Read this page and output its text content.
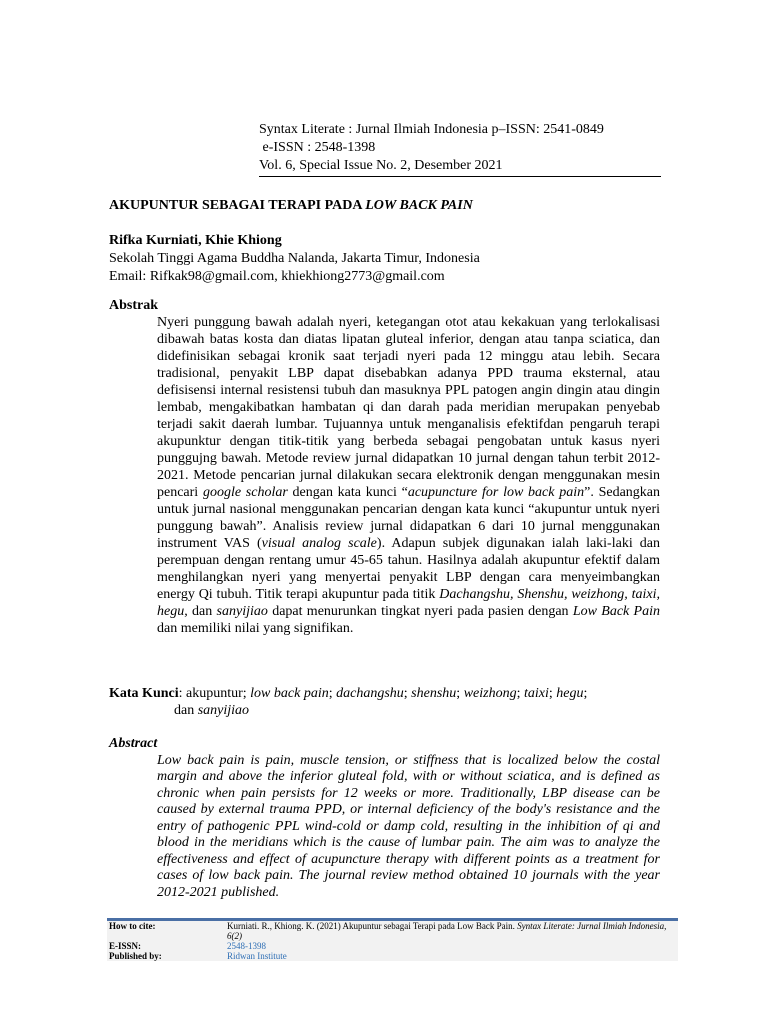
Syntax Literate : Jurnal Ilmiah Indonesia p–ISSN: 2541-0849
e-ISSN : 2548-1398
Vol. 6, Special Issue No. 2, Desember 2021
AKUPUNTUR SEBAGAI TERAPI PADA LOW BACK PAIN
Rifka Kurniati, Khie Khiong
Sekolah Tinggi Agama Buddha Nalanda, Jakarta Timur, Indonesia
Email: Rifkak98@gmail.com, khiekhiong2773@gmail.com

Abstrak

Nyeri punggung bawah adalah nyeri, ketegangan otot atau kekakuan yang terlokalisasi dibawah batas kosta dan diatas lipatan gluteal inferior, dengan atau tanpa sciatica, dan didefinisikan sebagai kronik saat terjadi nyeri pada 12 minggu atau lebih. Secara tradisional, penyakit LBP dapat disebabkan adanya PPD trauma eksternal, atau defisisensi internal resistensi tubuh dan masuknya PPL patogen angin dingin atau dingin lembab, mengakibatkan hambatan qi dan darah pada meridian merupakan penyebab terjadi sakit daerah lumbar. Tujuannya untuk menganalisis efektifdan pengaruh terapi akupunktur dengan titik-titik yang berbeda sebagai pengobatan untuk kasus nyeri punggujng bawah. Metode review jurnal didapatkan 10 jurnal dengan tahun terbit 2012-2021. Metode pencarian jurnal dilakukan secara elektronik dengan menggunakan mesin pencari google scholar dengan kata kunci “acupuncture for low back pain”. Sedangkan untuk jurnal nasional menggunakan pencarian dengan kata kunci “akupuntur untuk nyeri punggung bawah”. Analisis review jurnal didapatkan 6 dari 10 jurnal menggunakan instrument VAS (visual analog scale). Adapun subjek digunakan ialah laki-laki dan perempuan dengan rentang umur 45-65 tahun. Hasilnya adalah akupuntur efektif dalam menghilangkan nyeri yang menyertai penyakit LBP dengan cara menyeimbangkan energy Qi tubuh. Titik terapi akupuntur pada titik Dachangshu, Shenshu, weizhong, taixi, hegu, dan sanyijiao dapat menurunkan tingkat nyeri pada pasien dengan Low Back Pain dan memiliki nilai yang signifikan.

Kata Kunci: akupuntur; low back pain; dachangshu; shenshu; weizhong; taixi; hegu;
dan sanyijiao

Abstract

Low back pain is pain, muscle tension, or stiffness that is localized below the costal margin and above the inferior gluteal fold, with or without sciatica, and is defined as chronic when pain persists for 12 weeks or more. Traditionally, LBP disease can be caused by external trauma PPD, or internal deficiency of the body's resistance and the entry of pathogenic PPL wind-cold or damp cold, resulting in the inhibition of qi and blood in the meridians which is the cause of lumbar pain. The aim was to analyze the effectiveness and effect of acupuncture therapy with different points as a treatment for cases of low back pain. The journal review method obtained 10 journals with the year 2012-2021 published.

How to cite:	Kurniati. R., Khiong. K. (2021) Akupuntur sebagai Terapi pada Low Back Pain. Syntax Literate: Jurnal Ilmiah Indonesia, 6(2)
E-ISSN:	2548-1398
Published by:	Ridwan Institute
